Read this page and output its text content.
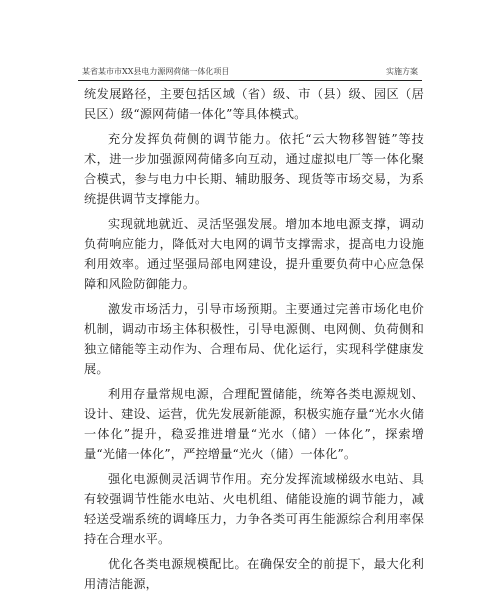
某省某市市XX县电力源网荷储一体化项目	实施方案

统发展路径，主要包括区域（省）级、市（县）级、园区（居民区）级“源网荷储一体化”等具体模式。

充分发挥负荷侧的调节能力。依托“云大物移智链”等技术，进一步加强源网荷储多向互动，通过虚拟电厂等一体化聚合模式，参与电力中长期、辅助服务、现货等市场交易，为系统提供调节支撑能力。

实现就地就近、灵活坚强发展。增加本地电源支撑，调动负荷响应能力，降低对大电网的调节支撑需求，提高电力设施利用效率。通过坚强局部电网建设，提升重要负荷中心应急保障和风险防御能力。

激发市场活力，引导市场预期。主要通过完善市场化电价机制，调动市场主体积极性，引导电源侧、电网侧、负荷侧和独立储能等主动作为、合理布局、优化运行，实现科学健康发展。

利用存量常规电源，合理配置储能，统筹各类电源规划、设计、建设、运营，优先发展新能源，积极实施存量“光水火储一体化”提升，稳妥推进增量“光水（储）一体化”，探索增量“光储一体化”，严控增量“光火（储）一体化”。

强化电源侧灵活调节作用。充分发挥流域梯级水电站、具有较强调节性能水电站、火电机组、储能设施的调节能力，减轻送受端系统的调峰压力，力争各类可再生能源综合利用率保持在合理水平。

优化各类电源规模配比。在确保安全的前提下，最大化利用清洁能源，
